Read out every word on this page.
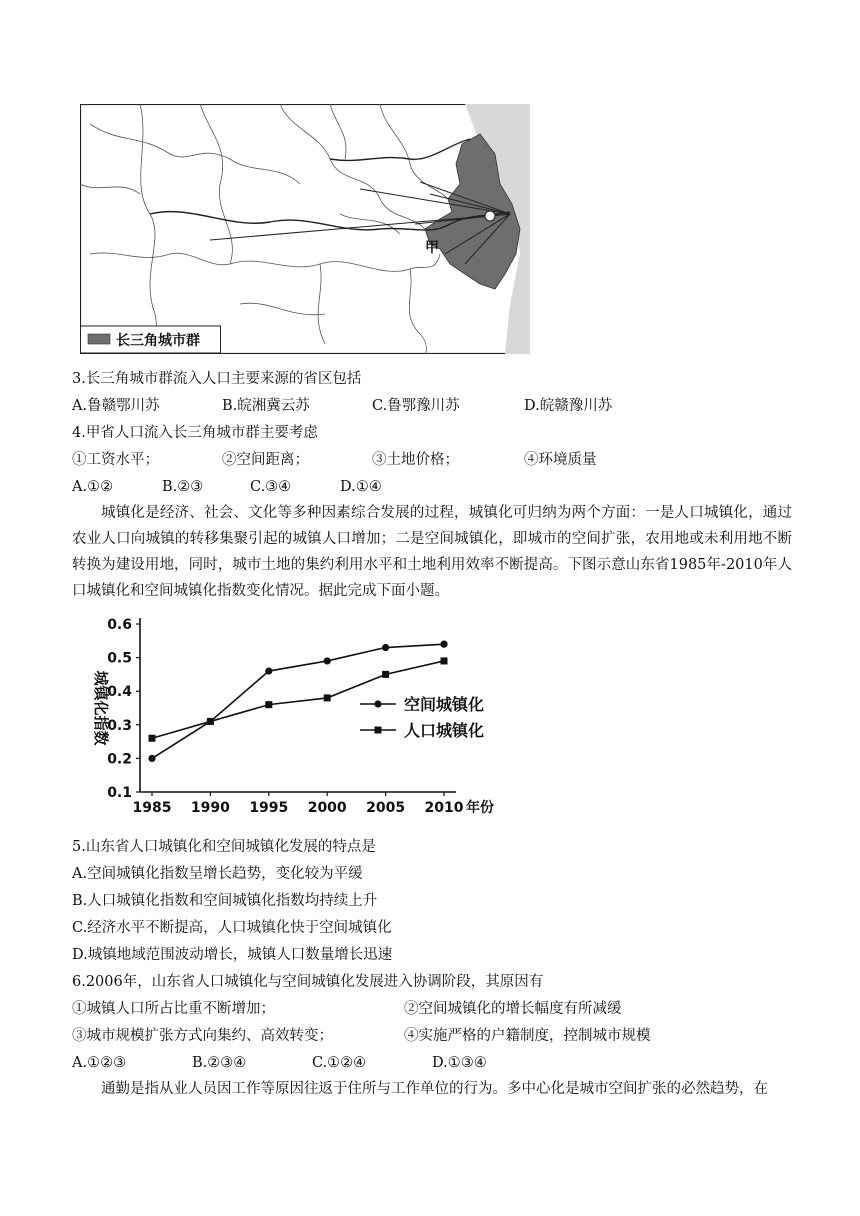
甲
长三角城市群
3.长三角城市群流入人口主要来源的省区包括
A.鲁赣鄂川苏	B.皖湘冀云苏	C.鲁鄂豫川苏	D.皖赣豫川苏
4.甲省人口流入长三角城市群主要考虑
①工资水平；	②空间距离；	③土地价格；	④环境质量
A.①②	B.②③	C.③④	D.①④
城镇化是经济、社会、文化等多种因素综合发展的过程，城镇化可归纳为两个方面：一是人口城镇化，通过农业人口向城镇的转移集聚引起的城镇人口增加；二是空间城镇化，即城市的空间扩张，农用地或未利用地不断转换为建设用地，同时，城市土地的集约利用水平和土地利用效率不断提高。下图示意山东省1985年-2010年人口城镇化和空间城镇化指数变化情况。据此完成下面小题。
0.1
0.2
0.3
0.4
0.5
0.6
1985 1990 1995 2000 2005 2010 年份
城镇化指数	空间城镇化
人口城镇化
5.山东省人口城镇化和空间城镇化发展的特点是
A.空间城镇化指数呈增长趋势，变化较为平缓
B.人口城镇化指数和空间城镇化指数均持续上升
C.经济水平不断提高，人口城镇化快于空间城镇化
D.城镇地域范围波动增长，城镇人口数量增长迅速
6.2006年，山东省人口城镇化与空间城镇化发展进入协调阶段，其原因有
①城镇人口所占比重不断增加；	②空间城镇化的增长幅度有所减缓
③城市规模扩张方式向集约、高效转变；	④实施严格的户籍制度，控制城市规模
A.①②③	B.②③④	C.①②④	D.①③④
通勤是指从业人员因工作等原因往返于住所与工作单位的行为。多中心化是城市空间扩张的必然趋势，在
